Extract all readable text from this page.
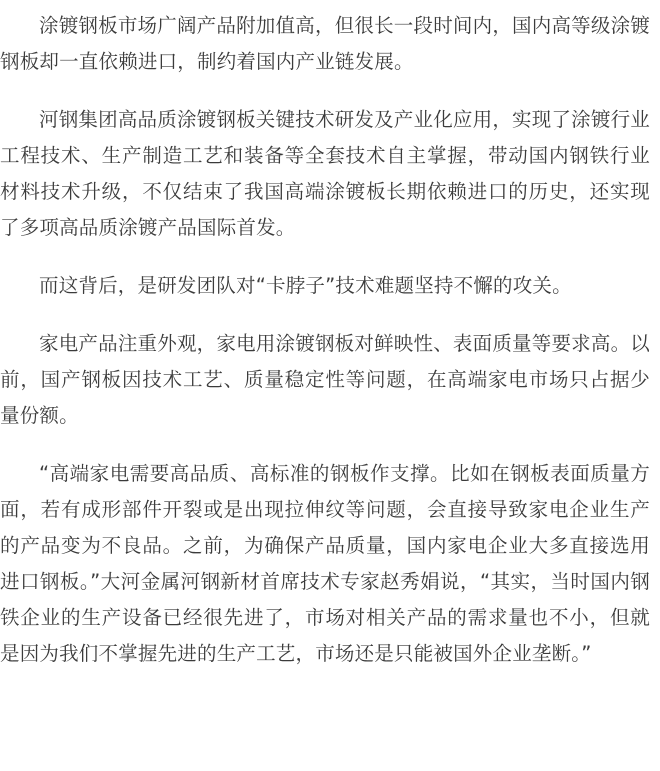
涂镀钢板市场广阔产品附加值高，但很长一段时间内，国内高等级涂镀钢板却一直依赖进口，制约着国内产业链发展。

河钢集团高品质涂镀钢板关键技术研发及产业化应用，实现了涂镀行业工程技术、生产制造工艺和装备等全套技术自主掌握，带动国内钢铁行业材料技术升级，不仅结束了我国高端涂镀板长期依赖进口的历史，还实现了多项高品质涂镀产品国际首发。

而这背后，是研发团队对“卡脖子”技术难题坚持不懈的攻关。

家电产品注重外观，家电用涂镀钢板对鲜映性、表面质量等要求高。以前，国产钢板因技术工艺、质量稳定性等问题，在高端家电市场只占据少量份额。

“高端家电需要高品质、高标准的钢板作支撑。比如在钢板表面质量方面，若有成形部件开裂或是出现拉伸纹等问题，会直接导致家电企业生产的产品变为不良品。之前，为确保产品质量，国内家电企业大多直接选用进口钢板。”大河金属河钢新材首席技术专家赵秀娟说，“其实，当时国内钢铁企业的生产设备已经很先进了，市场对相关产品的需求量也不小，但就是因为我们不掌握先进的生产工艺，市场还是只能被国外企业垄断。”
